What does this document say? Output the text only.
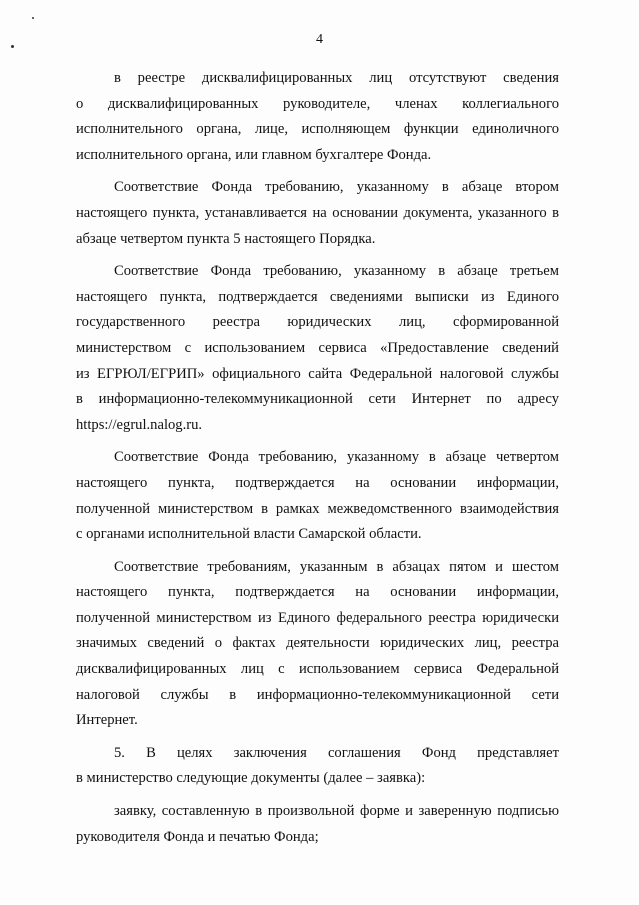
4

в реестре дисквалифицированных лиц отсутствуют сведения
о дисквалифицированных руководителе, членах коллегиального
исполнительного органа, лице, исполняющем функции единоличного
исполнительного органа, или главном бухгалтере Фонда.

Соответствие Фонда требованию, указанному в абзаце втором
настоящего пункта, устанавливается на основании документа, указанного в
абзаце четвертом пункта 5 настоящего Порядка.

Соответствие Фонда требованию, указанному в абзаце третьем
настоящего пункта, подтверждается сведениями выписки из Единого
государственного реестра юридических лиц, сформированной
министерством с использованием сервиса «Предоставление сведений
из ЕГРЮЛ/ЕГРИП» официального сайта Федеральной налоговой службы
в информационно-телекоммуникационной сети Интернет по адресу
https://egrul.nalog.ru.

Соответствие Фонда требованию, указанному в абзаце четвертом
настоящего пункта, подтверждается на основании информации,
полученной министерством в рамках межведомственного взаимодействия
с органами исполнительной власти Самарской области.

Соответствие требованиям, указанным в абзацах пятом и шестом
настоящего пункта, подтверждается на основании информации,
полученной министерством из Единого федерального реестра юридически
значимых сведений о фактах деятельности юридических лиц, реестра
дисквалифицированных лиц с использованием сервиса Федеральной
налоговой службы в информационно-телекоммуникационной сети
Интернет.

5. В целях заключения соглашения Фонд представляет
в министерство следующие документы (далее – заявка):

заявку, составленную в произвольной форме и заверенную подписью
руководителя Фонда и печатью Фонда;
